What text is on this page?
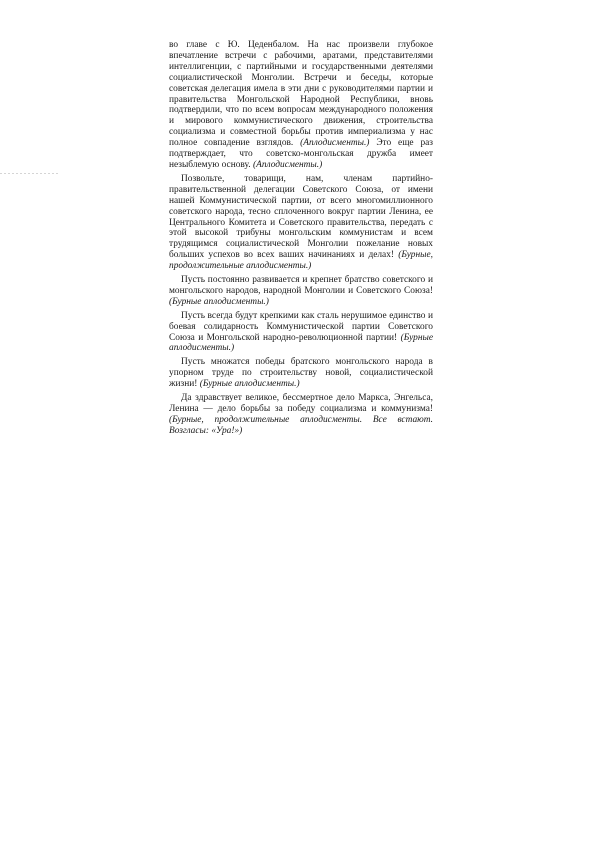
во главе с Ю. Цеденбалом. На нас произвели глубокое впечатление встречи с рабочими, аратами, представителями интеллигенции, с партийными и государственными деятелями социалистической Монголии. Встречи и беседы, которые советская делегация имела в эти дни с руководителями партии и правительства Монгольской Народной Республики, вновь подтвердили, что по всем вопросам международного положения и мирового коммунистического движения, строительства социализма и совместной борьбы против империализма у нас полное совпадение взглядов. (Аплодисменты.) Это еще раз подтверждает, что советско-монгольская дружба имеет незыблемую основу. (Аплодисменты.)

Позвольте, товарищи, нам, членам партийно-правительственной делегации Советского Союза, от имени нашей Коммунистической партии, от всего многомиллионного советского народа, тесно сплоченного вокруг партии Ленина, ее Центрального Комитета и Советского правительства, передать с этой высокой трибуны монгольским коммунистам и всем трудящимся социалистической Монголии пожелание новых больших успехов во всех ваших начинаниях и делах! (Бурные, продолжительные аплодисменты.)

Пусть постоянно развивается и крепнет братство советского и монгольского народов, народной Монголии и Советского Союза! (Бурные аплодисменты.)

Пусть всегда будут крепкими как сталь нерушимое единство и боевая солидарность Коммунистической партии Советского Союза и Монгольской народно-революционной партии! (Бурные аплодисменты.)

Пусть множатся победы братского монгольского народа в упорном труде по строительству новой, социалистической жизни! (Бурные аплодисменты.)

Да здравствует великое, бессмертное дело Маркса, Энгельса, Ленина — дело борьбы за победу социализма и коммунизма! (Бурные, продолжительные аплодисменты. Все встают. Возгласы: «Ура!»)
